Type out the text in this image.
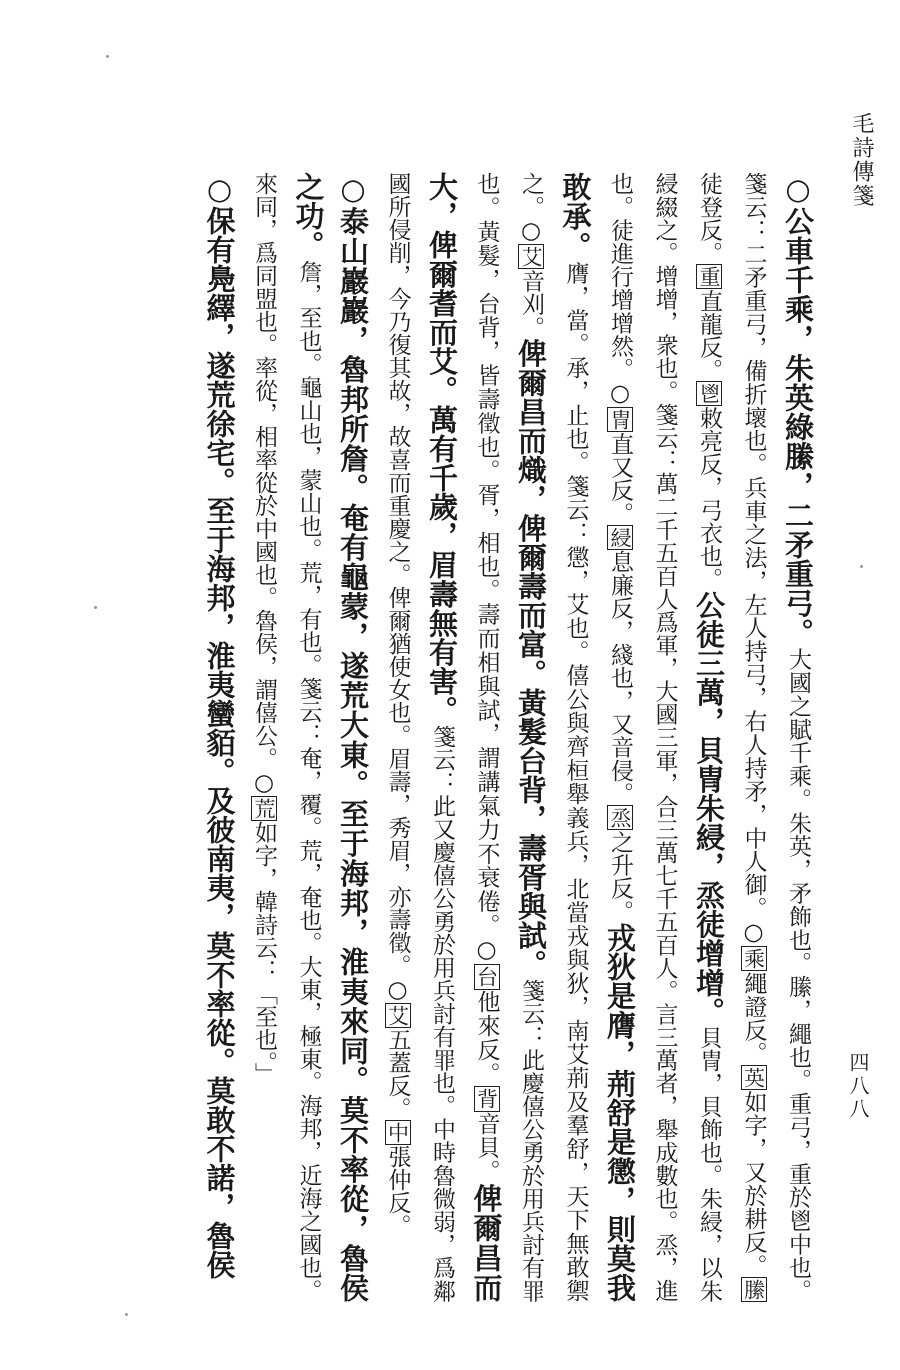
毛詩傳箋
四八八
○公車千乘，朱英綠縢，二矛重弓。大國之賦千乘。朱英，矛飾也。縢，繩也。重弓，重於鬯中也。箋云：二矛重弓，備折壞也。兵車之法，左人持弓，右人持矛，中人御。○乘繩證反。英如字，又於耕反。縢徒登反。重直龍反。鬯敕亮反，弓衣也。公徒三萬，貝冑朱綅，烝徒增增。貝冑，貝飾也。朱綅，以朱綅綴之。增增，衆也。箋云：萬二千五百人爲軍，大國三軍，合三萬七千五百人。言三萬者，舉成數也。烝，進也。徒進行增增然。○冑直又反。綅息廉反，綫也，又音侵。烝之升反。戎狄是膺，荊舒是懲，則莫我敢承。膺，當。承，止也。箋云：懲，艾也。僖公與齊桓舉義兵，北當戎與狄，南艾荊及羣舒，天下無敢禦之。○艾音刈。俾爾昌而熾，俾爾壽而富。黃髮台背，壽胥與試。箋云：此慶僖公勇於用兵討有罪也。黃髮，台背，皆壽徵也。胥，相也。壽而相與試，謂講氣力不衰倦。○台他來反。背音貝。俾爾昌而大，俾爾耆而艾。萬有千歲，眉壽無有害。箋云：此又慶僖公勇於用兵討有罪也。中時魯微弱，爲鄰國所侵削，今乃復其故，故喜而重慶之。俾爾猶使女也。眉壽，秀眉，亦壽徵。○艾五蓋反。中張仲反。
○泰山巖巖，魯邦所詹。奄有龜蒙，遂荒大東。至于海邦，淮夷來同。莫不率從，魯侯之功。詹，至也。龜山也，蒙山也。荒，有也。箋云：奄，覆。荒，奄也。大東，極東。海邦，近海之國也。來同，爲同盟也。率從，相率從於中國也。魯侯，謂僖公。○荒如字，韓詩云：「至也。」
○保有鳧繹，遂荒徐宅。至于海邦，淮夷蠻貊。及彼南夷，莫不率從。莫敢不諾，魯侯
